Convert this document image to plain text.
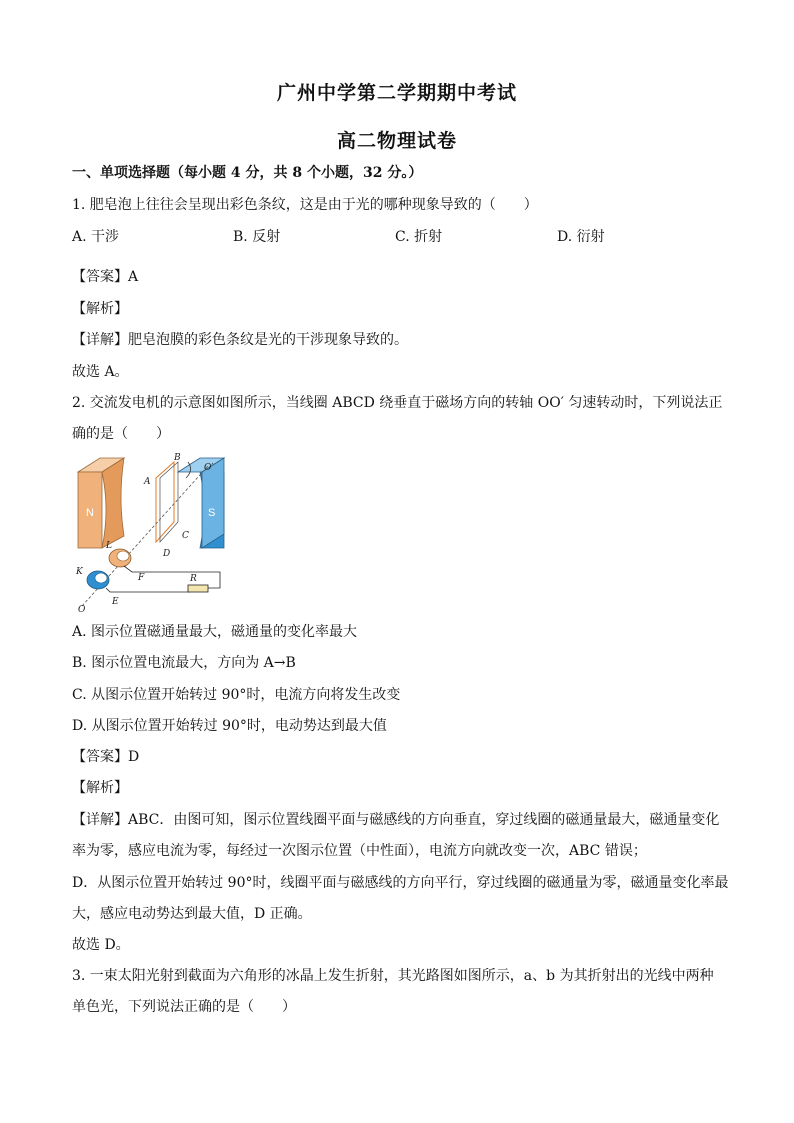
广州中学第二学期期中考试
高二物理试卷
一、单项选择题（每小题 4 分，共 8 个小题，32 分。）
1. 肥皂泡上往往会呈现出彩色条纹，这是由于光的哪种现象导致的（　　）
A. 干涉	B. 反射	C. 折射	D. 衍射
【答案】A
【解析】
【详解】肥皂泡膜的彩色条纹是光的干涉现象导致的。
故选 A。
2. 交流发电机的示意图如图所示，当线圈 ABCD 绕垂直于磁场方向的转轴 OO′ 匀速转动时，下列说法正
确的是（　　）
N	S
A
B
C
D
O′
O
K
L
E
F	R
A. 图示位置磁通量最大，磁通量的变化率最大
B. 图示位置电流最大，方向为 A→B
C. 从图示位置开始转过 90°时，电流方向将发生改变
D. 从图示位置开始转过 90°时，电动势达到最大值
【答案】D
【解析】
【详解】ABC．由图可知，图示位置线圈平面与磁感线的方向垂直，穿过线圈的磁通量最大，磁通量变化
率为零，感应电流为零，每经过一次图示位置（中性面），电流方向就改变一次，ABC 错误；
D．从图示位置开始转过 90°时，线圈平面与磁感线的方向平行，穿过线圈的磁通量为零，磁通量变化率最
大，感应电动势达到最大值，D 正确。
故选 D。
3. 一束太阳光射到截面为六角形的冰晶上发生折射，其光路图如图所示，a、b 为其折射出的光线中两种
单色光，下列说法正确的是（　　）
